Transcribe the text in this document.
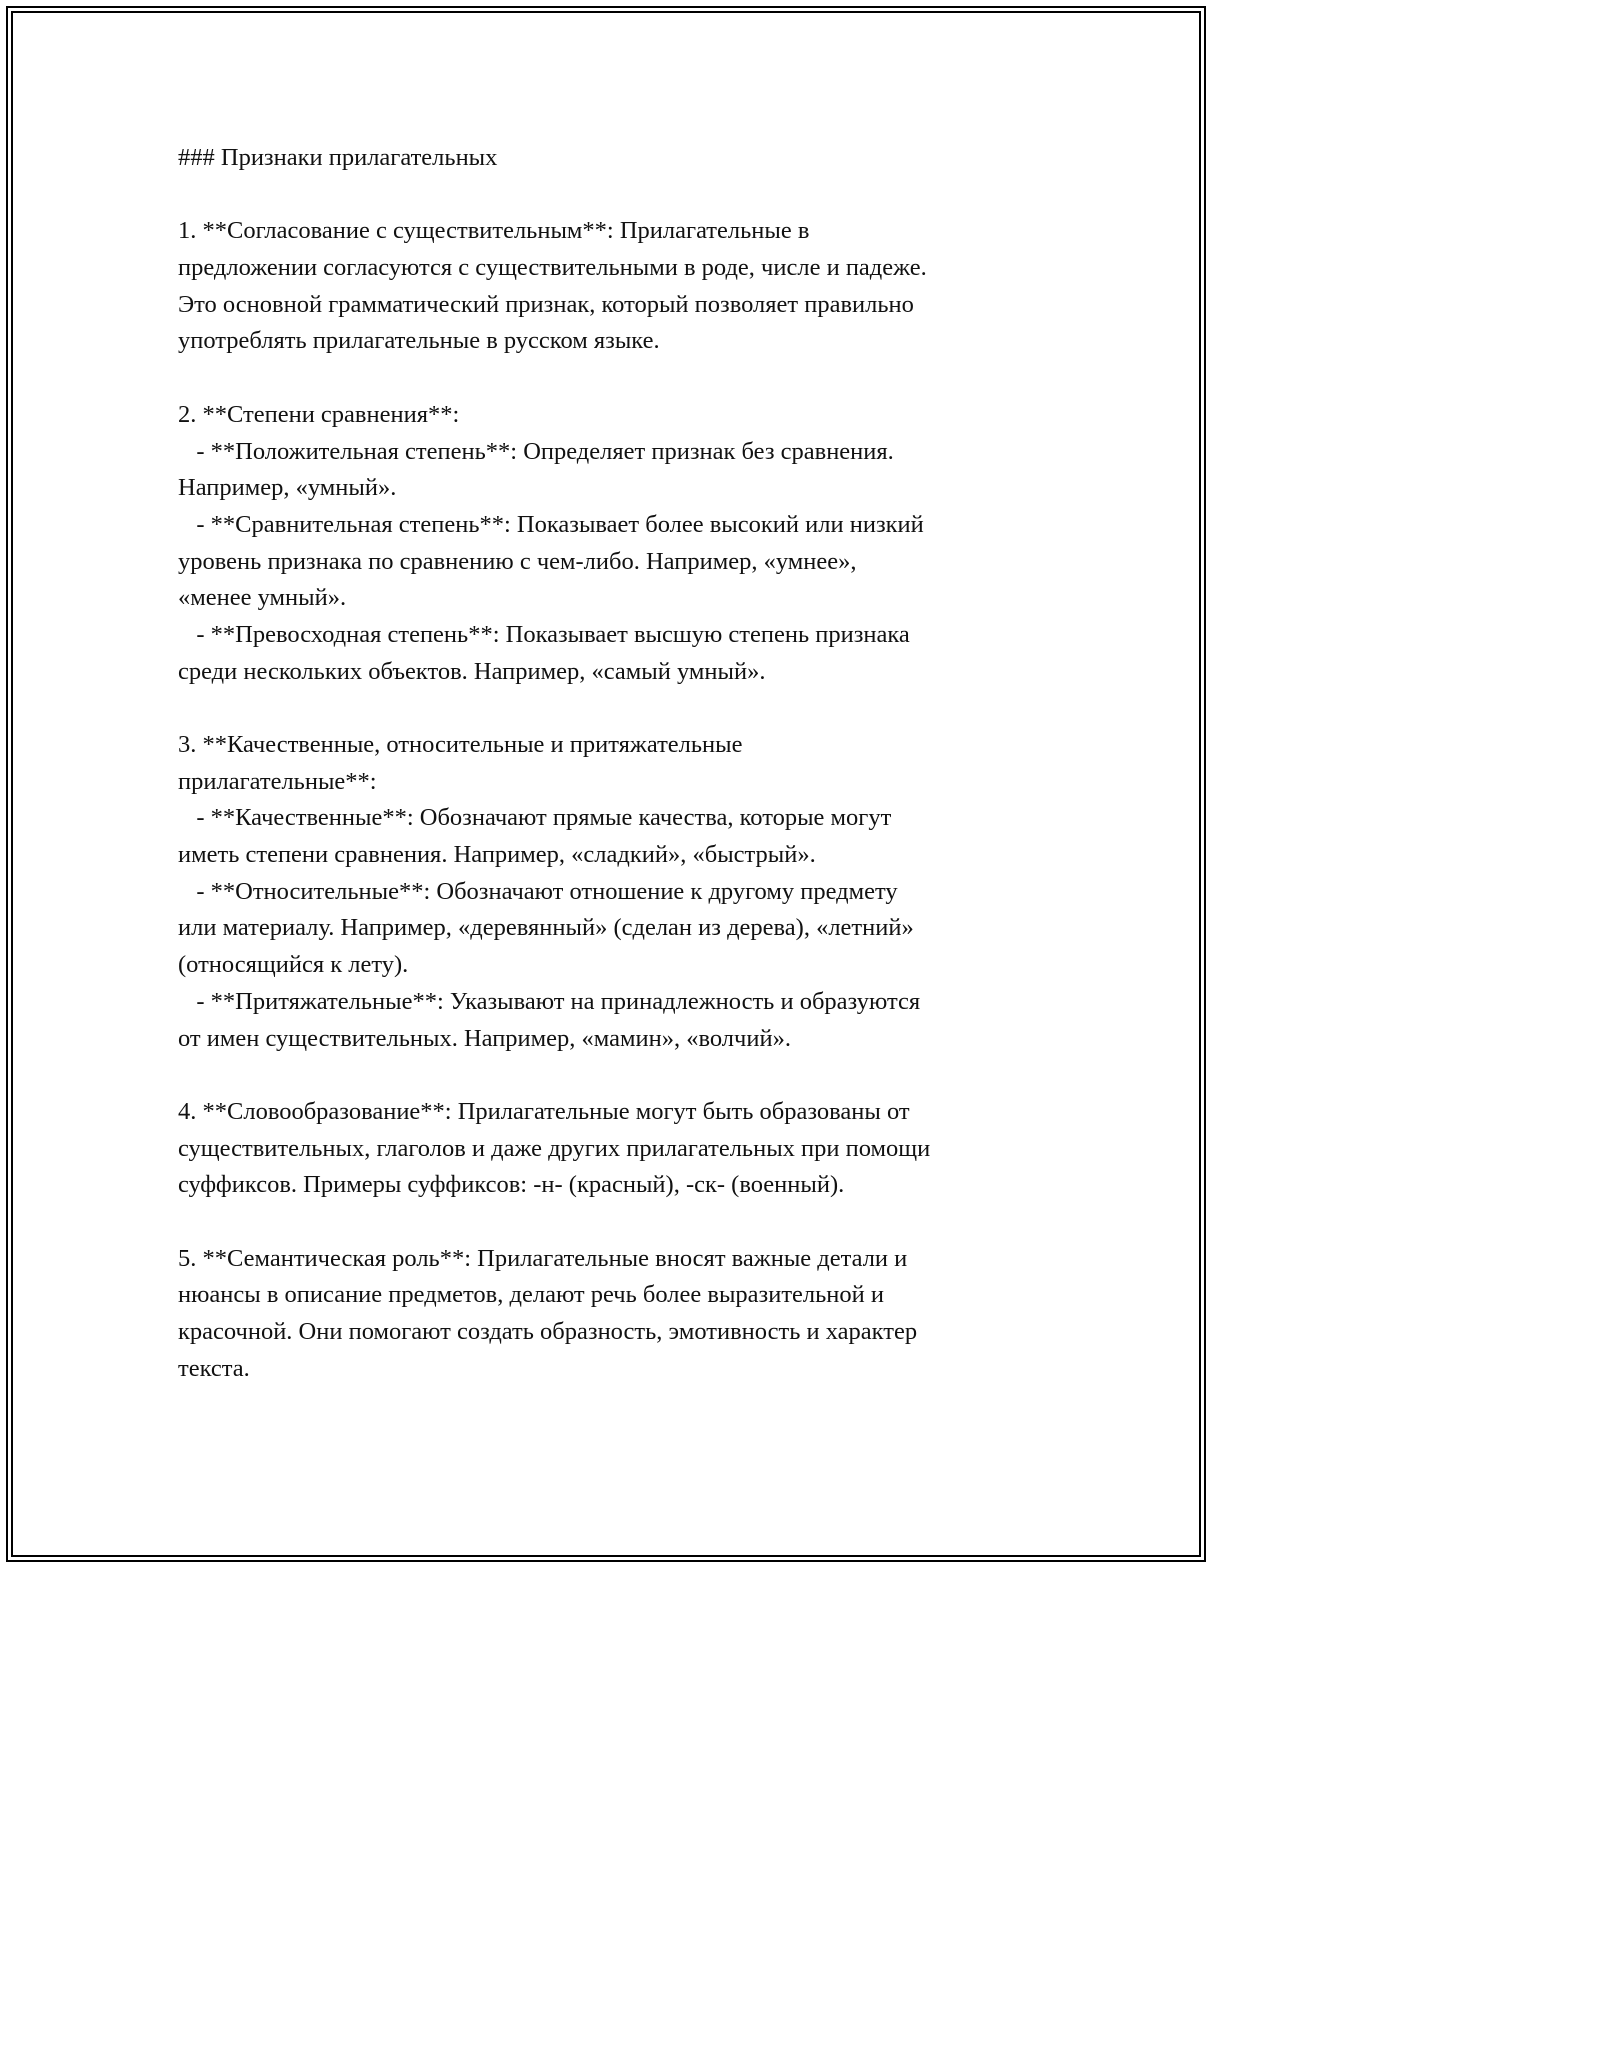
### Признаки прилагательных
1. **Согласование с существительным**: Прилагательные в
предложении согласуются с существительными в роде, числе и падеже.
Это основной грамматический признак, который позволяет правильно
употреблять прилагательные в русском языке.
2. **Степени сравнения**:
- **Положительная степень**: Определяет признак без сравнения.
Например, «умный».
- **Сравнительная степень**: Показывает более высокий или низкий
уровень признака по сравнению с чем-либо. Например, «умнее»,
«менее умный».
- **Превосходная степень**: Показывает высшую степень признака
среди нескольких объектов. Например, «самый умный».
3. **Качественные, относительные и притяжательные
прилагательные**:
- **Качественные**: Обозначают прямые качества, которые могут
иметь степени сравнения. Например, «сладкий», «быстрый».
- **Относительные**: Обозначают отношение к другому предмету
или материалу. Например, «деревянный» (сделан из дерева), «летний»
(относящийся к лету).
- **Притяжательные**: Указывают на принадлежность и образуются
от имен существительных. Например, «мамин», «волчий».
4. **Словообразование**: Прилагательные могут быть образованы от
существительных, глаголов и даже других прилагательных при помощи
суффиксов. Примеры суффиксов: -н- (красный), -ск- (военный).
5. **Семантическая роль**: Прилагательные вносят важные детали и
нюансы в описание предметов, делают речь более выразительной и
красочной. Они помогают создать образность, эмотивность и характер
текста.
